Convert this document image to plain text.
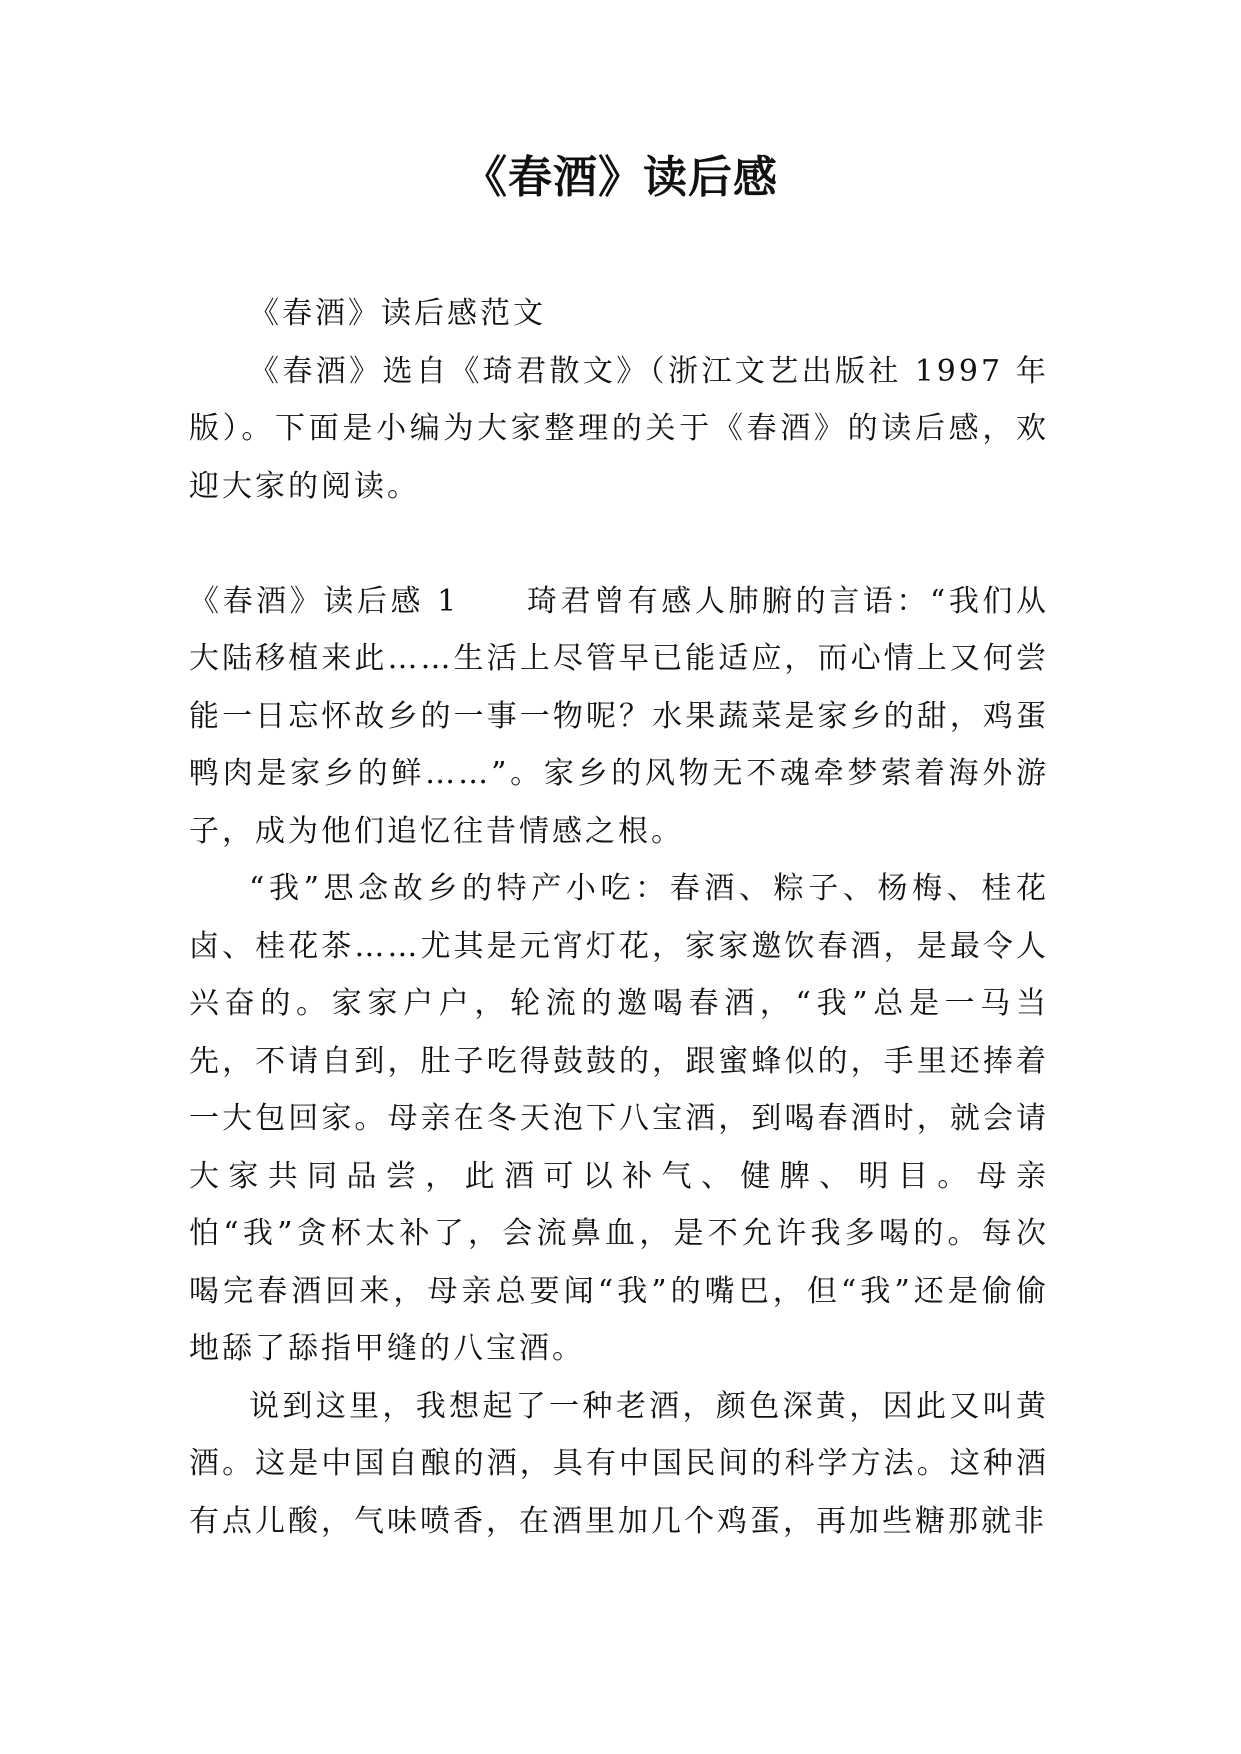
《春酒》读后感

《春酒》读后感范文

《春酒》选自《琦君散文》（浙江文艺出版社 1997 年版）。下面是小编为大家整理的关于《春酒》的读后感，欢迎大家的阅读。

《春酒》读后感 1　　琦君曾有感人肺腑的言语：“我们从大陆移植来此……生活上尽管早已能适应，而心情上又何尝能一日忘怀故乡的一事一物呢？水果蔬菜是家乡的甜，鸡蛋鸭肉是家乡的鲜……”。家乡的风物无不魂牵梦萦着海外游子，成为他们追忆往昔情感之根。

“我”思念故乡的特产小吃：春酒、粽子、杨梅、桂花卤、桂花茶……尤其是元宵灯花，家家邀饮春酒，是最令人兴奋的。家家户户，轮流的邀喝春酒，“我”总是一马当先，不请自到，肚子吃得鼓鼓的，跟蜜蜂似的，手里还捧着一大包回家。母亲在冬天泡下八宝酒，到喝春酒时，就会请大家共同品尝，此酒可以补气、健脾、明目。母亲怕“我”贪杯太补了，会流鼻血，是不允许我多喝的。每次喝完春酒回来，母亲总要闻“我”的嘴巴，但“我”还是偷偷地舔了舔指甲缝的八宝酒。

说到这里，我想起了一种老酒，颜色深黄，因此又叫黄酒。这是中国自酿的酒，具有中国民间的科学方法。这种酒有点儿酸，气味喷香，在酒里加几个鸡蛋，再加些糖那就非
